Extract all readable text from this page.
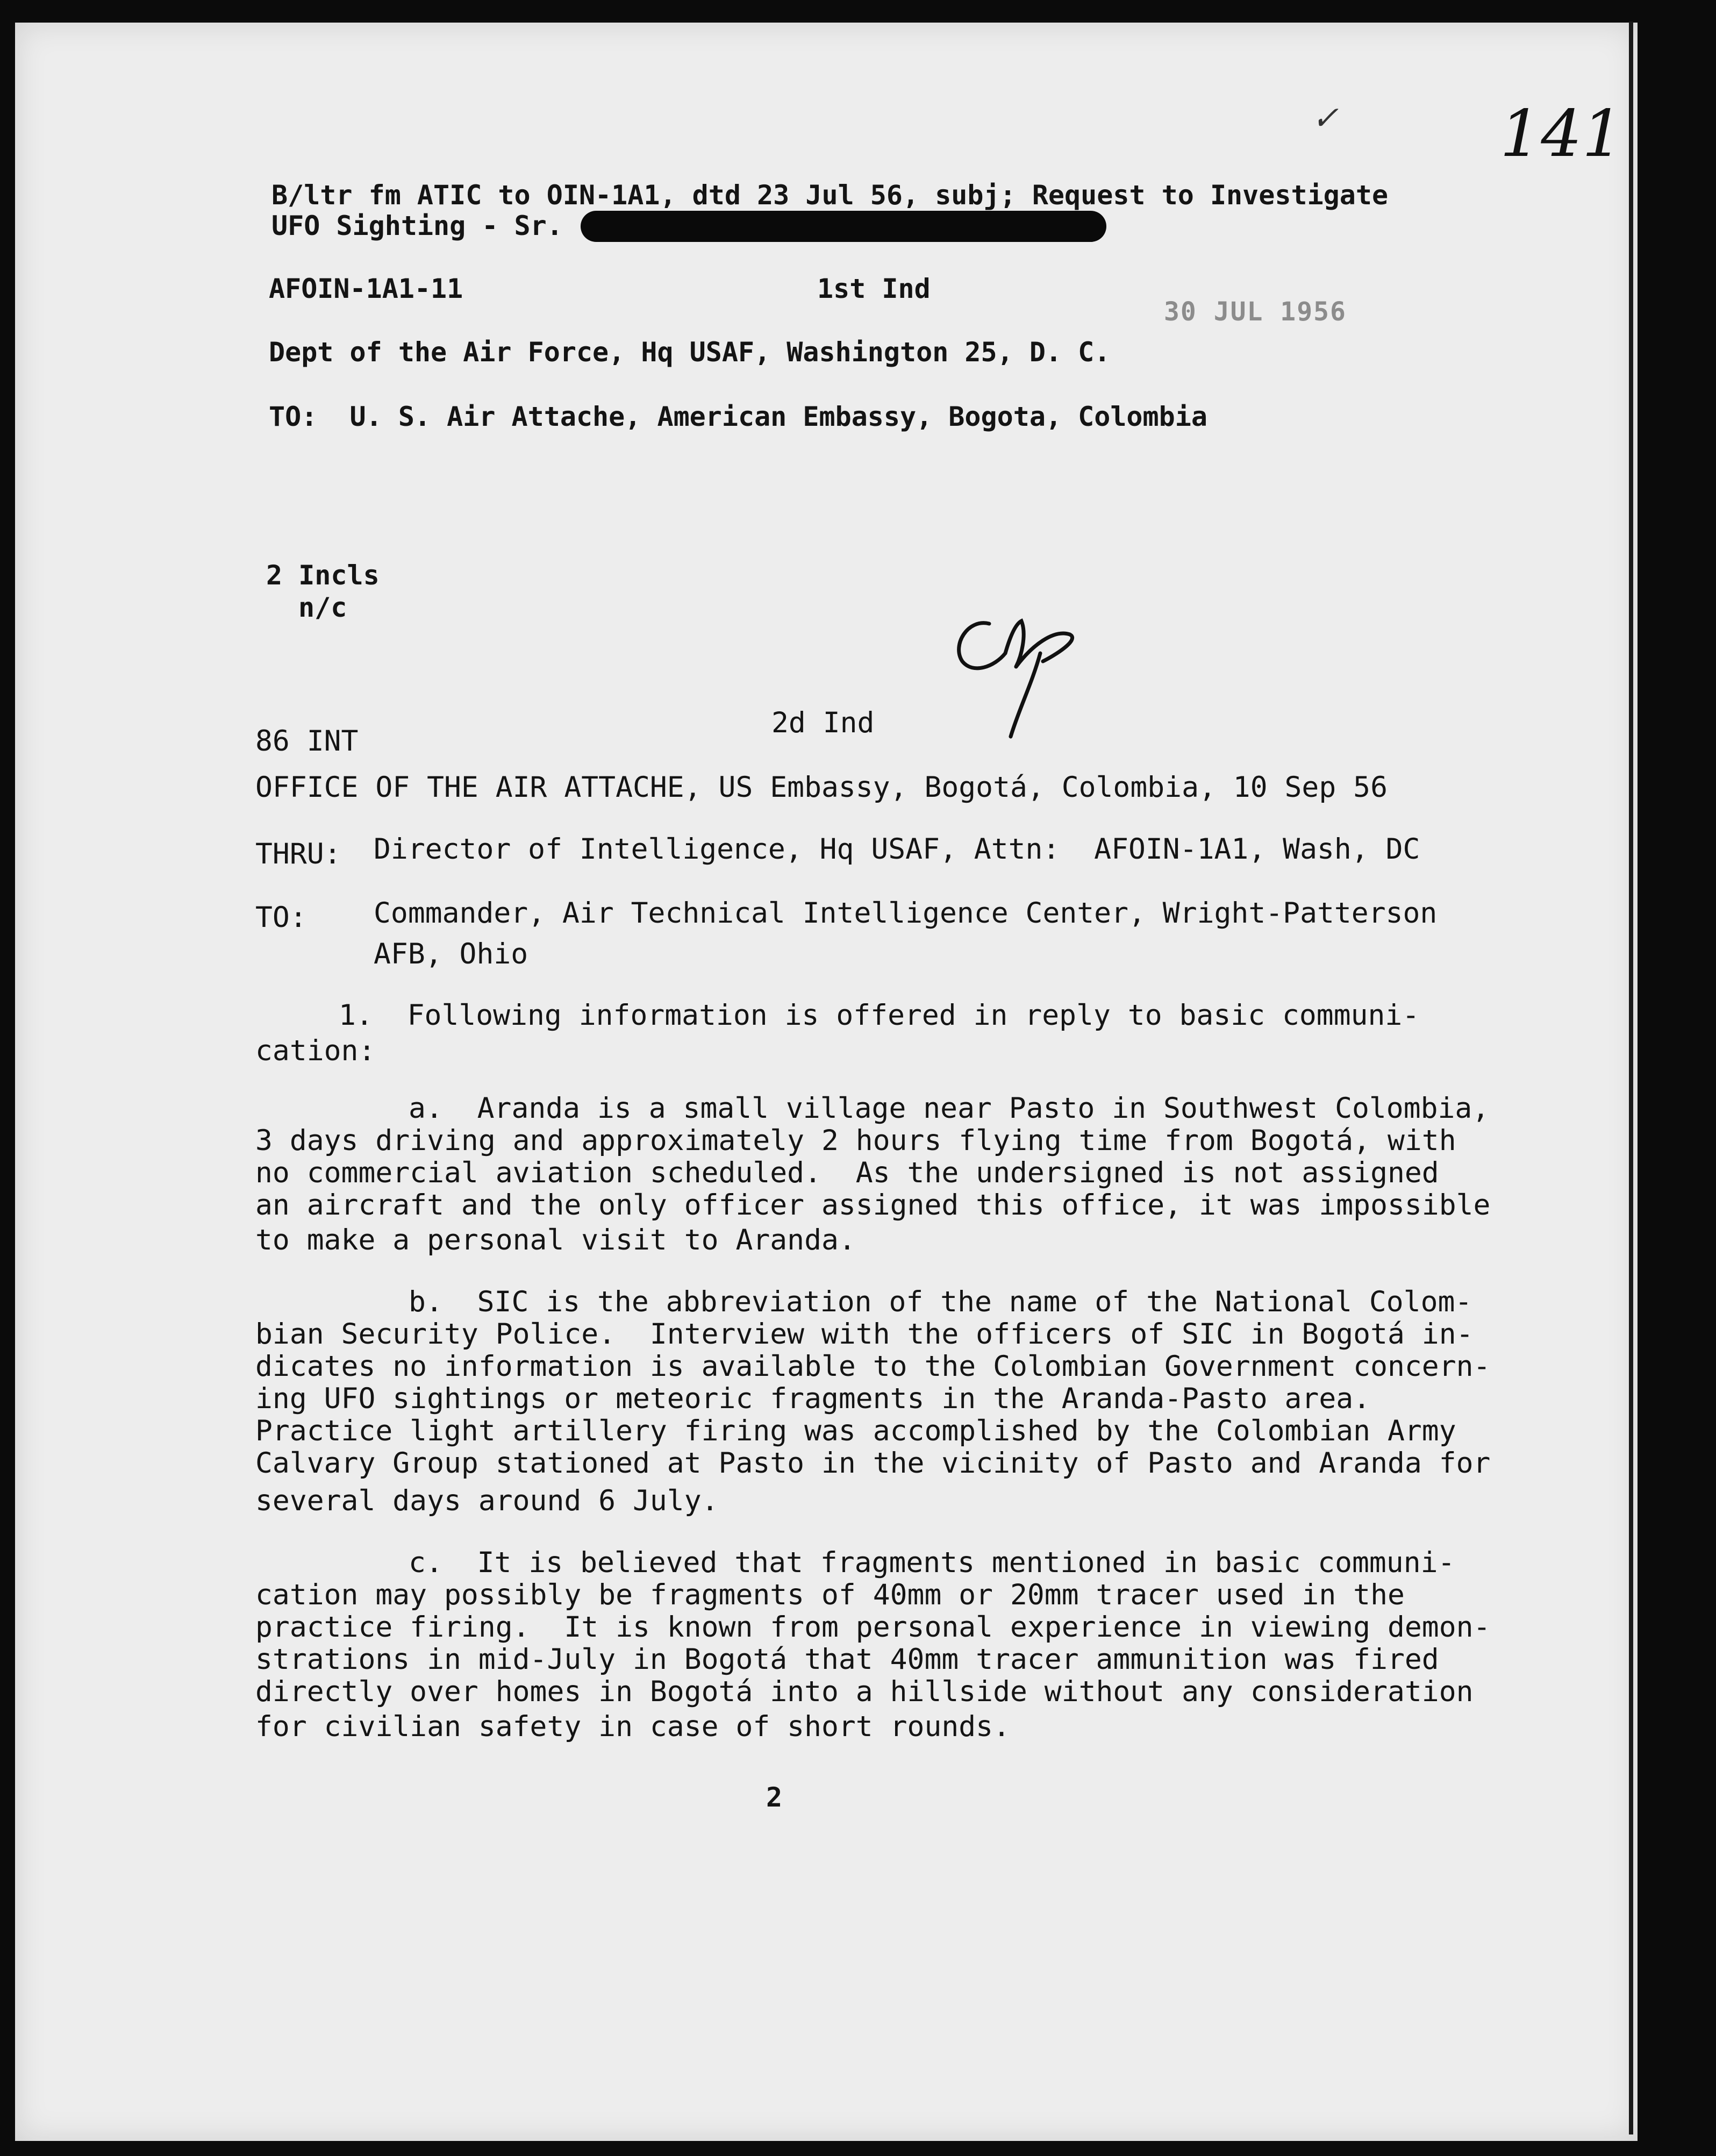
141
✓
B/ltr fm ATIC to OIN-1A1, dtd 23 Jul 56, subj; Request to Investigate
UFO Sighting - Sr.
AFOIN-1A1-11	1st Ind
30 JUL 1956
Dept of the Air Force, Hq USAF, Washington 25, D. C.
TO:  U. S. Air Attache, American Embassy, Bogota, Colombia
2 Incls
n/c
86 INT
2d Ind
OFFICE OF THE AIR ATTACHE, US Embassy, Bogotá, Colombia, 10 Sep 56
THRU: Director of Intelligence, Hq USAF, Attn:  AFOIN-1A1, Wash, DC
TO: Commander, Air Technical Intelligence Center, Wright-Patterson
AFB, Ohio
1.  Following information is offered in reply to basic communi-
cation:
a.  Aranda is a small village near Pasto in Southwest Colombia,
3 days driving and approximately 2 hours flying time from Bogotá, with
no commercial aviation scheduled.  As the undersigned is not assigned
an aircraft and the only officer assigned this office, it was impossible
to make a personal visit to Aranda.
b.  SIC is the abbreviation of the name of the National Colom-
bian Security Police.  Interview with the officers of SIC in Bogotá in-
dicates no information is available to the Colombian Government concern-
ing UFO sightings or meteoric fragments in the Aranda-Pasto area.
Practice light artillery firing was accomplished by the Colombian Army
Calvary Group stationed at Pasto in the vicinity of Pasto and Aranda for
several days around 6 July.
c.  It is believed that fragments mentioned in basic communi-
cation may possibly be fragments of 40mm or 20mm tracer used in the
practice firing.  It is known from personal experience in viewing demon-
strations in mid-July in Bogotá that 40mm tracer ammunition was fired
directly over homes in Bogotá into a hillside without any consideration
for civilian safety in case of short rounds.
2
